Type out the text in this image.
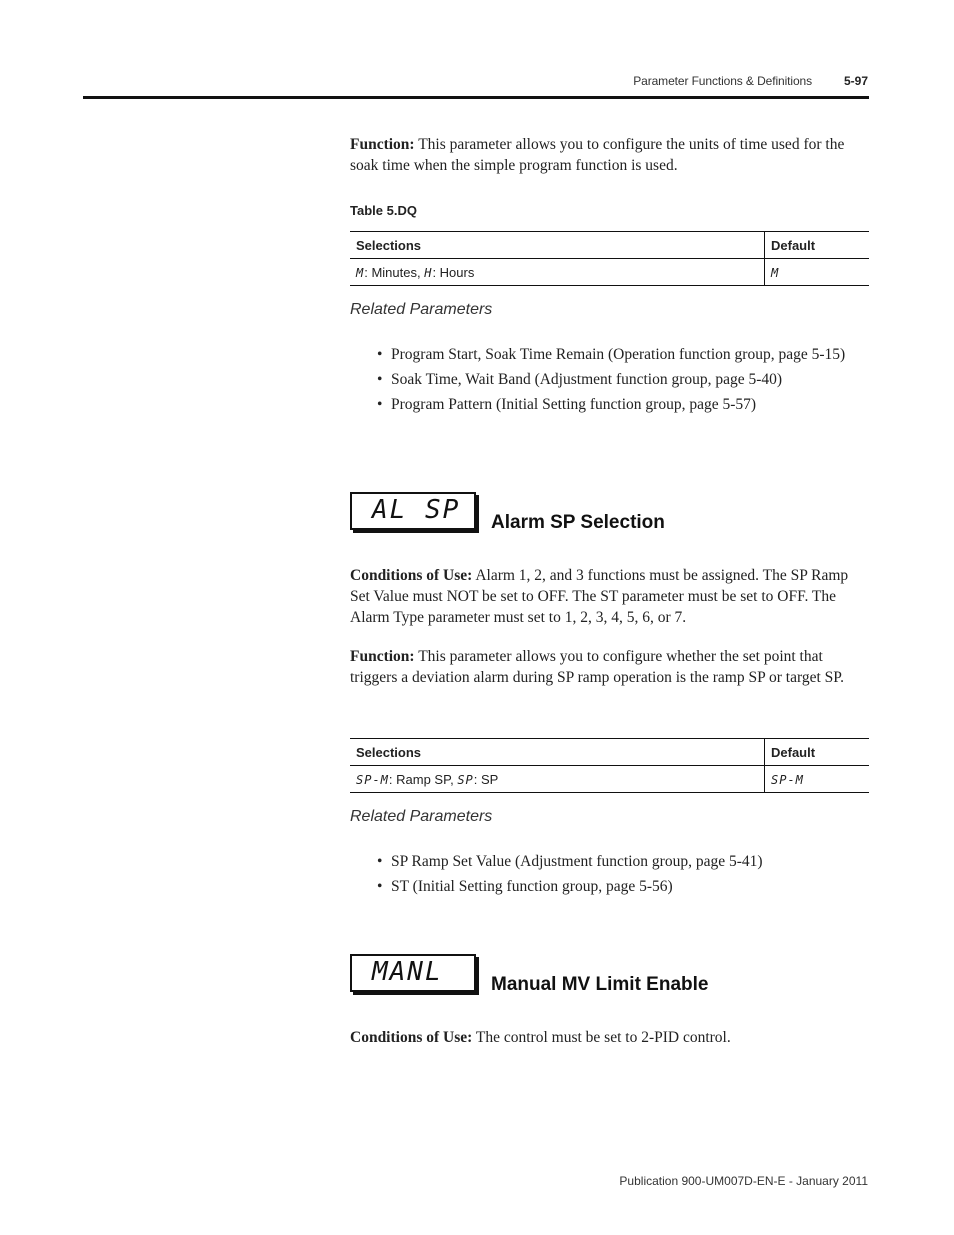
Parameter Functions & Definitions	5-97
Function: This parameter allows you to configure the units of time used for the soak time when the simple program function is used.
Table 5.DQ
Selections	Default
M: Minutes, H: Hours	M
Related Parameters
• Program Start, Soak Time Remain (Operation function group, page 5-15)
• Soak Time, Wait Band (Adjustment function group, page 5-40)
• Program Pattern (Initial Setting function group, page 5-57)
AL SP Alarm SP Selection
Conditions of Use: Alarm 1, 2, and 3 functions must be assigned. The SP Ramp Set Value must NOT be set to OFF. The ST parameter must be set to OFF. The Alarm Type parameter must set to 1, 2, 3, 4, 5, 6, or 7.
Function: This parameter allows you to configure whether the set point that triggers a deviation alarm during SP ramp operation is the ramp SP or target SP.
Selections	Default
SP-M: Ramp SP, SP: SP	SP-M
Related Parameters
• SP Ramp Set Value (Adjustment function group, page 5-41)
• ST (Initial Setting function group, page 5-56)
MANL	Manual MV Limit Enable
Conditions of Use: The control must be set to 2-PID control.
Publication 900-UM007D-EN-E - January 2011
